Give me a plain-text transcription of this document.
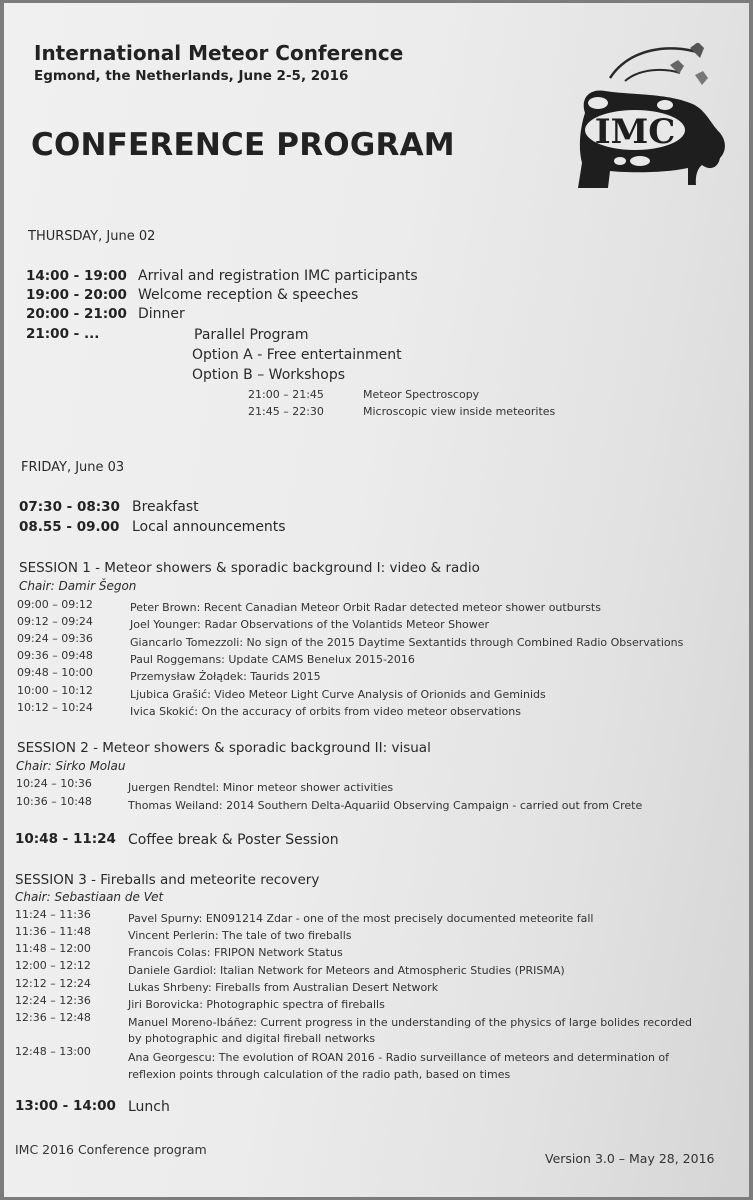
International Meteor Conference
Egmond, the Netherlands, June 2-5, 2016
CONFERENCE PROGRAM	IMC
THURSDAY, June 02
14:00 - 19:00 Arrival and registration IMC participants
19:00 - 20:00 Welcome reception & speeches
20:00 - 21:00 Dinner
21:00 - ...	Parallel Program
Option A - Free entertainment
Option B – Workshops
21:00 – 21:45	Meteor Spectroscopy
21:45 – 22:30	Microscopic view inside meteorites
FRIDAY, June 03
07:30 - 08:30 Breakfast
08.55 - 09.00 Local announcements
SESSION 1 - Meteor showers & sporadic background I: video & radio
Chair: Damir Šegon
09:00 – 09:12	Peter Brown: Recent Canadian Meteor Orbit Radar detected meteor shower outbursts
09:12 – 09:24	Joel Younger: Radar Observations of the Volantids Meteor Shower
09:24 – 09:36	Giancarlo Tomezzoli: No sign of the 2015 Daytime Sextantids through Combined Radio Observations
09:36 – 09:48	Paul Roggemans: Update CAMS Benelux 2015-2016
09:48 – 10:00	Przemysław Żołądek: Taurids 2015
10:00 – 10:12	Ljubica Grašić: Video Meteor Light Curve Analysis of Orionids and Geminids
10:12 – 10:24	Ivica Skokić: On the accuracy of orbits from video meteor observations
SESSION 2 - Meteor showers & sporadic background II: visual
Chair: Sirko Molau
10:24 – 10:36	Juergen Rendtel: Minor meteor shower activities
10:36 – 10:48	Thomas Weiland: 2014 Southern Delta-Aquariid Observing Campaign - carried out from Crete
10:48 - 11:24 Coffee break & Poster Session
SESSION 3 - Fireballs and meteorite recovery
Chair: Sebastiaan de Vet
11:24 – 11:36	Pavel Spurny: EN091214 Zdar - one of the most precisely documented meteorite fall
11:36 – 11:48	Vincent Perlerin: The tale of two fireballs
11:48 – 12:00	Francois Colas: FRIPON Network Status
12:00 – 12:12	Daniele Gardiol: Italian Network for Meteors and Atmospheric Studies (PRISMA)
12:12 – 12:24	Lukas Shrbeny: Fireballs from Australian Desert Network
12:24 – 12:36	Jiri Borovicka: Photographic spectra of fireballs
12:36 – 12:48	Manuel Moreno-Ibáñez: Current progress in the understanding of the physics of large bolides recorded
by photographic and digital fireball networks
12:48 – 13:00	Ana Georgescu: The evolution of ROAN 2016 - Radio surveillance of meteors and determination of
reflexion points through calculation of the radio path, based on times
13:00 - 14:00 Lunch
IMC 2016 Conference program
Version 3.0 – May 28, 2016
